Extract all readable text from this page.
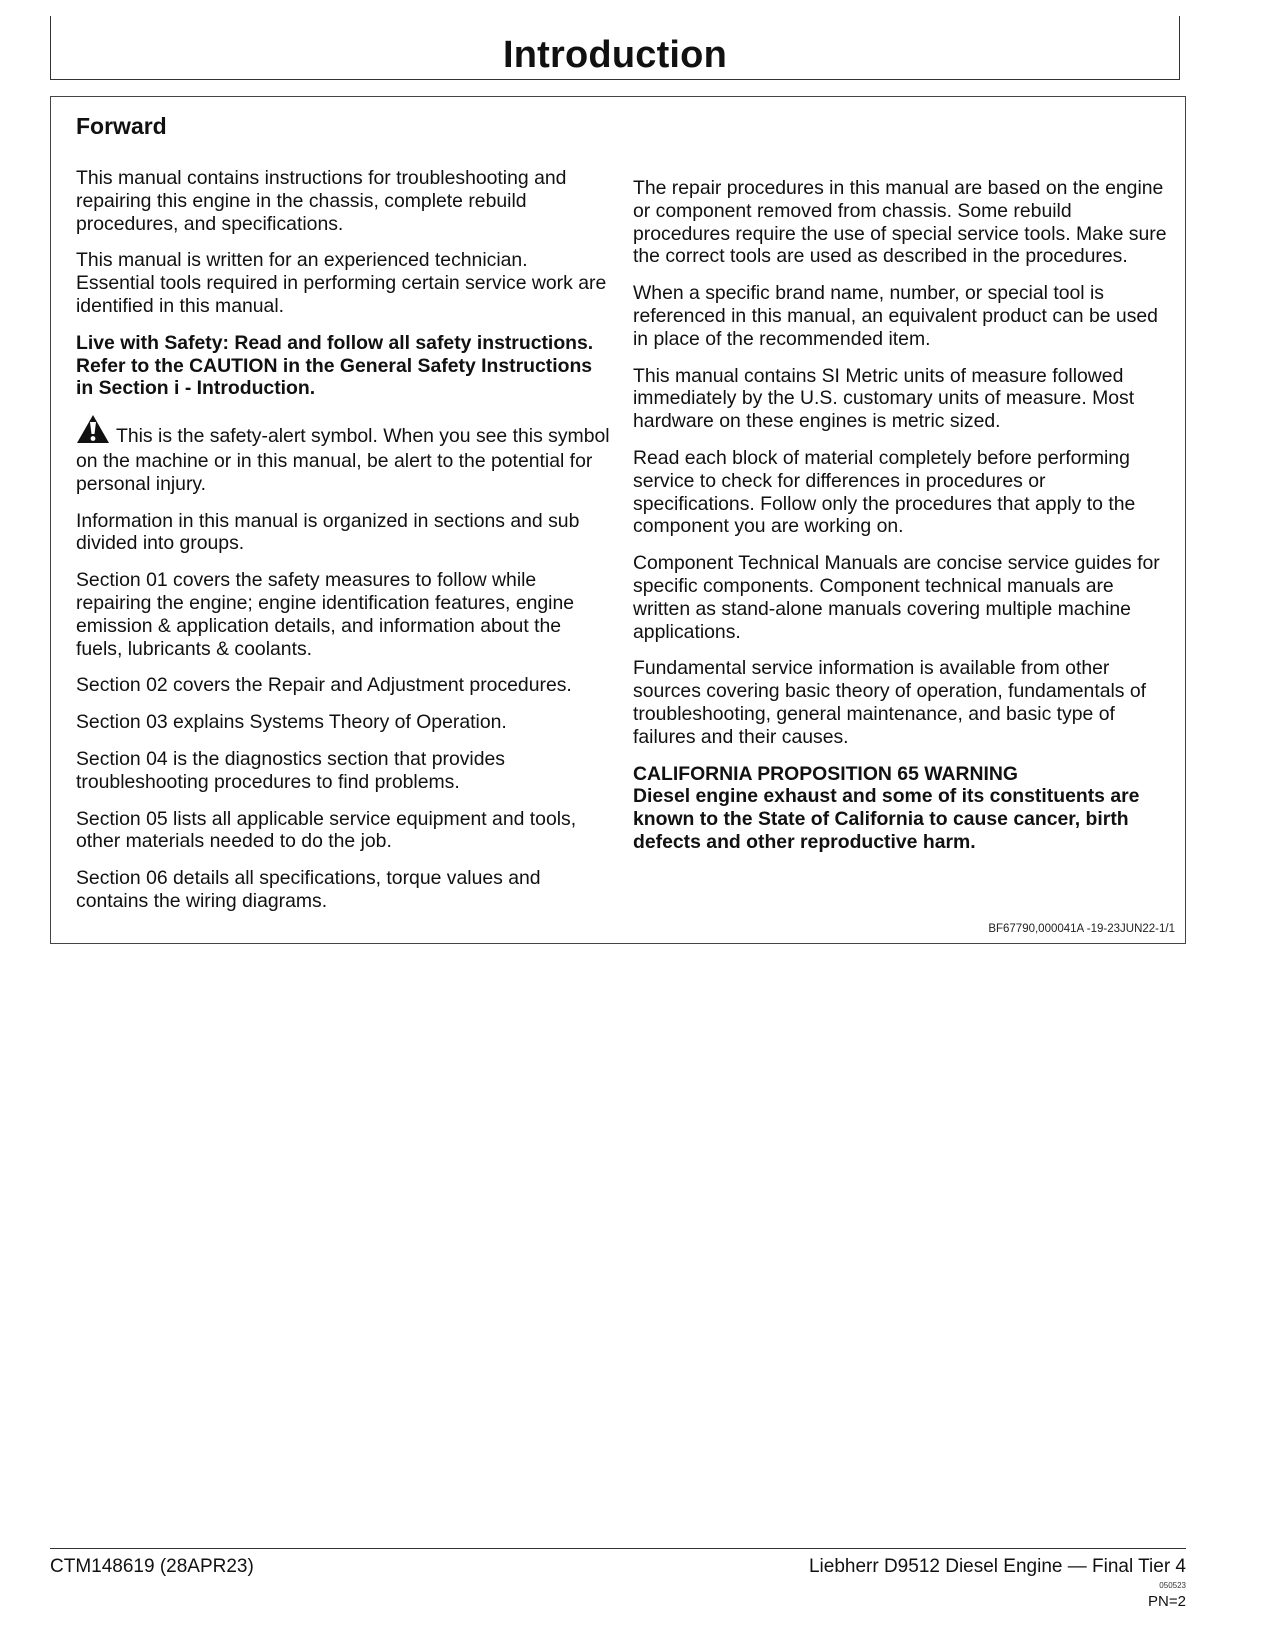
Introduction
Forward

This manual contains instructions for troubleshooting and repairing this engine in the chassis, complete rebuild procedures, and specifications.

This manual is written for an experienced technician. Essential tools required in performing certain service work are identified in this manual.

Live with Safety: Read and follow all safety instructions. Refer to the CAUTION in the General Safety Instructions in Section i - Introduction.

This is the safety-alert symbol. When you see this symbol on the machine or in this manual, be alert to the potential for personal injury.

Information in this manual is organized in sections and sub divided into groups.

Section 01 covers the safety measures to follow while repairing the engine; engine identification features, engine emission & application details, and information about the fuels, lubricants & coolants.

Section 02 covers the Repair and Adjustment procedures.

Section 03 explains Systems Theory of Operation.

Section 04 is the diagnostics section that provides troubleshooting procedures to find problems.

Section 05 lists all applicable service equipment and tools, other materials needed to do the job.

Section 06 details all specifications, torque values and contains the wiring diagrams.

The repair procedures in this manual are based on the engine or component removed from chassis. Some rebuild procedures require the use of special service tools. Make sure the correct tools are used as described in the procedures.

When a specific brand name, number, or special tool is referenced in this manual, an equivalent product can be used in place of the recommended item.

This manual contains SI Metric units of measure followed immediately by the U.S. customary units of measure. Most hardware on these engines is metric sized.

Read each block of material completely before performing service to check for differences in procedures or specifications. Follow only the procedures that apply to the component you are working on.

Component Technical Manuals are concise service guides for specific components. Component technical manuals are written as stand-alone manuals covering multiple machine applications.

Fundamental service information is available from other sources covering basic theory of operation, fundamentals of troubleshooting, general maintenance, and basic type of failures and their causes.

CALIFORNIA PROPOSITION 65 WARNING

Diesel engine exhaust and some of its constituents are known to the State of California to cause cancer, birth defects and other reproductive harm.

BF67790,000041A -19-23JUN22-1/1
CTM148619 (28APR23)	Liebherr D9512 Diesel Engine — Final Tier 4
050523
PN=2
